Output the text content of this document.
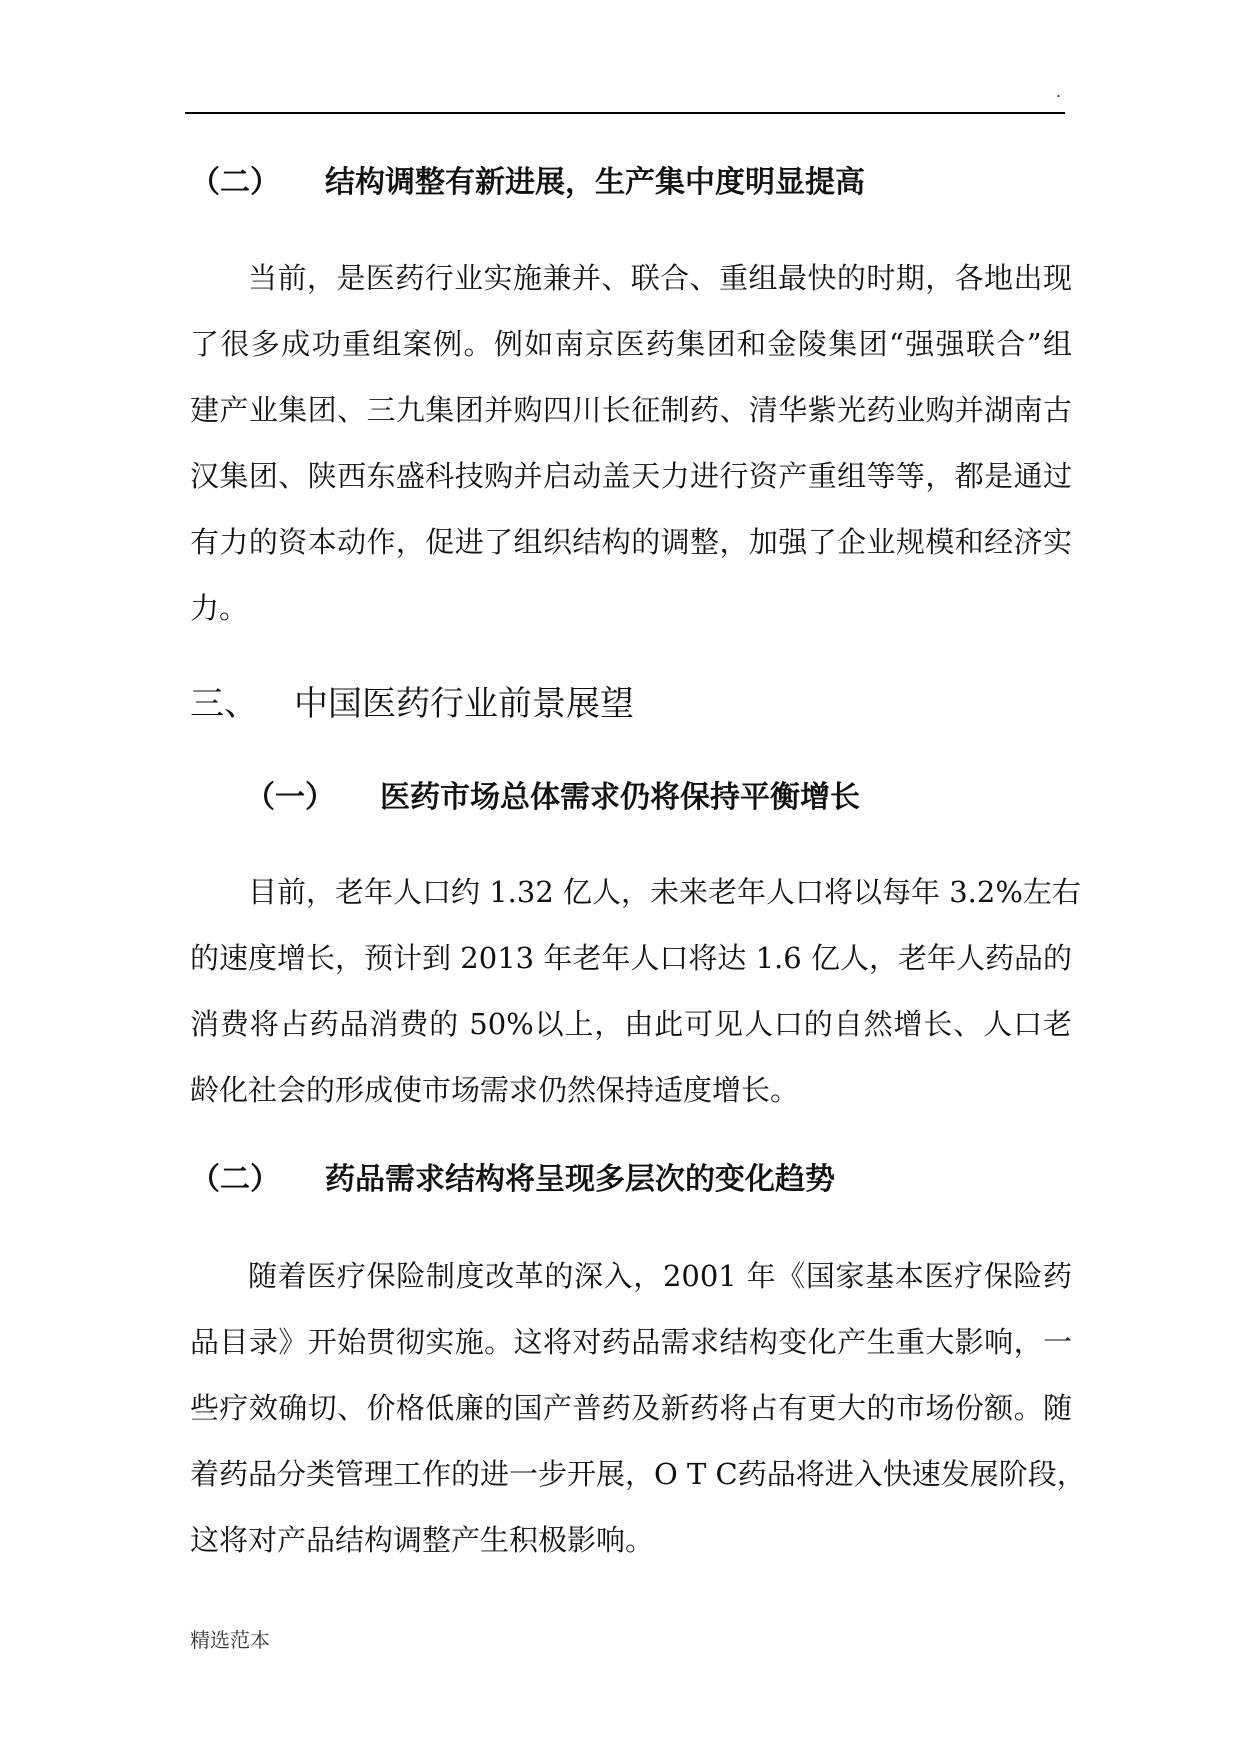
.
（二） 结构调整有新进展，生产集中度明显提高
当前，是医药行业实施兼并、联合、重组最快的时期，各地出现
了很多成功重组案例。例如南京医药集团和金陵集团“强强联合”组
建产业集团、三九集团并购四川长征制药、清华紫光药业购并湖南古
汉集团、陕西东盛科技购并启动盖天力进行资产重组等等，都是通过
有力的资本动作，促进了组织结构的调整，加强了企业规模和经济实
力。
三、 中国医药行业前景展望
（一） 医药市场总体需求仍将保持平衡增长
目前，老年人口约 1.32 亿人，未来老年人口将以每年 3.2%左右
的速度增长，预计到 2013 年老年人口将达 1.6 亿人，老年人药品的
消费将占药品消费的 50%以上，由此可见人口的自然增长、人口老
龄化社会的形成使市场需求仍然保持适度增长。
（二） 药品需求结构将呈现多层次的变化趋势
随着医疗保险制度改革的深入，2001 年《国家基本医疗保险药
品目录》开始贯彻实施。这将对药品需求结构变化产生重大影响，一
些疗效确切、价格低廉的国产普药及新药将占有更大的市场份额。随
着药品分类管理工作的进一步开展，O T C药品将进入快速发展阶段，
这将对产品结构调整产生积极影响。
精选范本
